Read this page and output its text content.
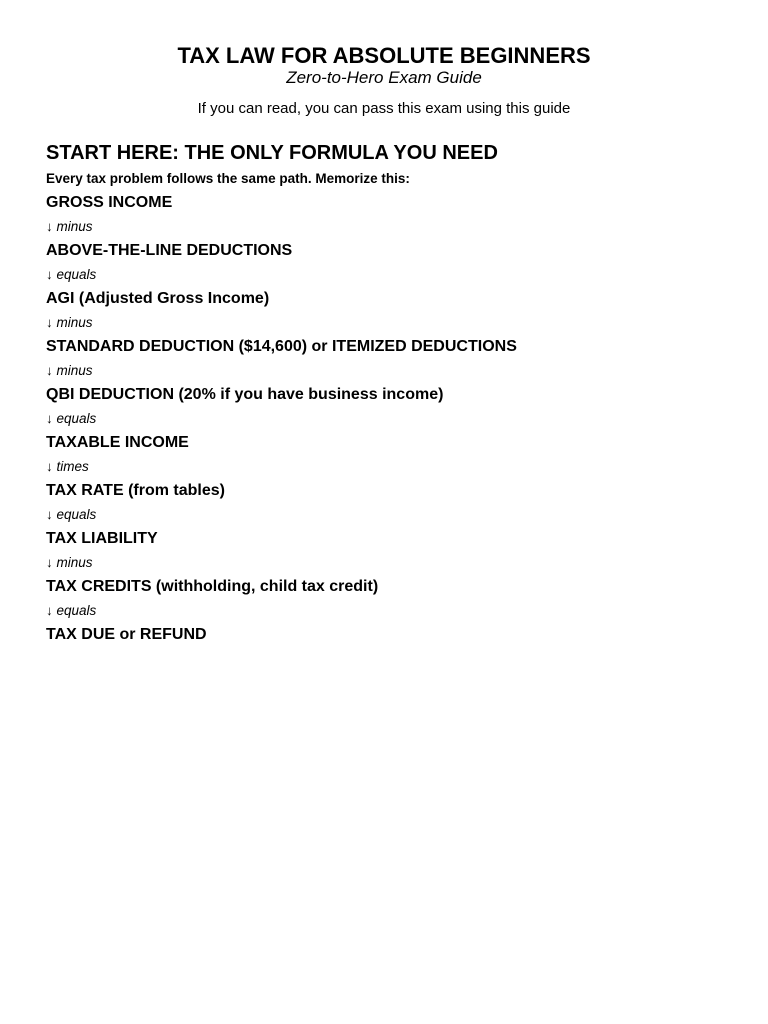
TAX LAW FOR ABSOLUTE BEGINNERS
Zero-to-Hero Exam Guide
If you can read, you can pass this exam using this guide
START HERE: THE ONLY FORMULA YOU NEED
Every tax problem follows the same path. Memorize this:
GROSS INCOME
↓ minus
ABOVE-THE-LINE DEDUCTIONS
↓ equals
AGI (Adjusted Gross Income)
↓ minus
STANDARD DEDUCTION ($14,600) or ITEMIZED DEDUCTIONS
↓ minus
QBI DEDUCTION (20% if you have business income)
↓ equals
TAXABLE INCOME
↓ times
TAX RATE (from tables)
↓ equals
TAX LIABILITY
↓ minus
TAX CREDITS (withholding, child tax credit)
↓ equals
TAX DUE or REFUND
